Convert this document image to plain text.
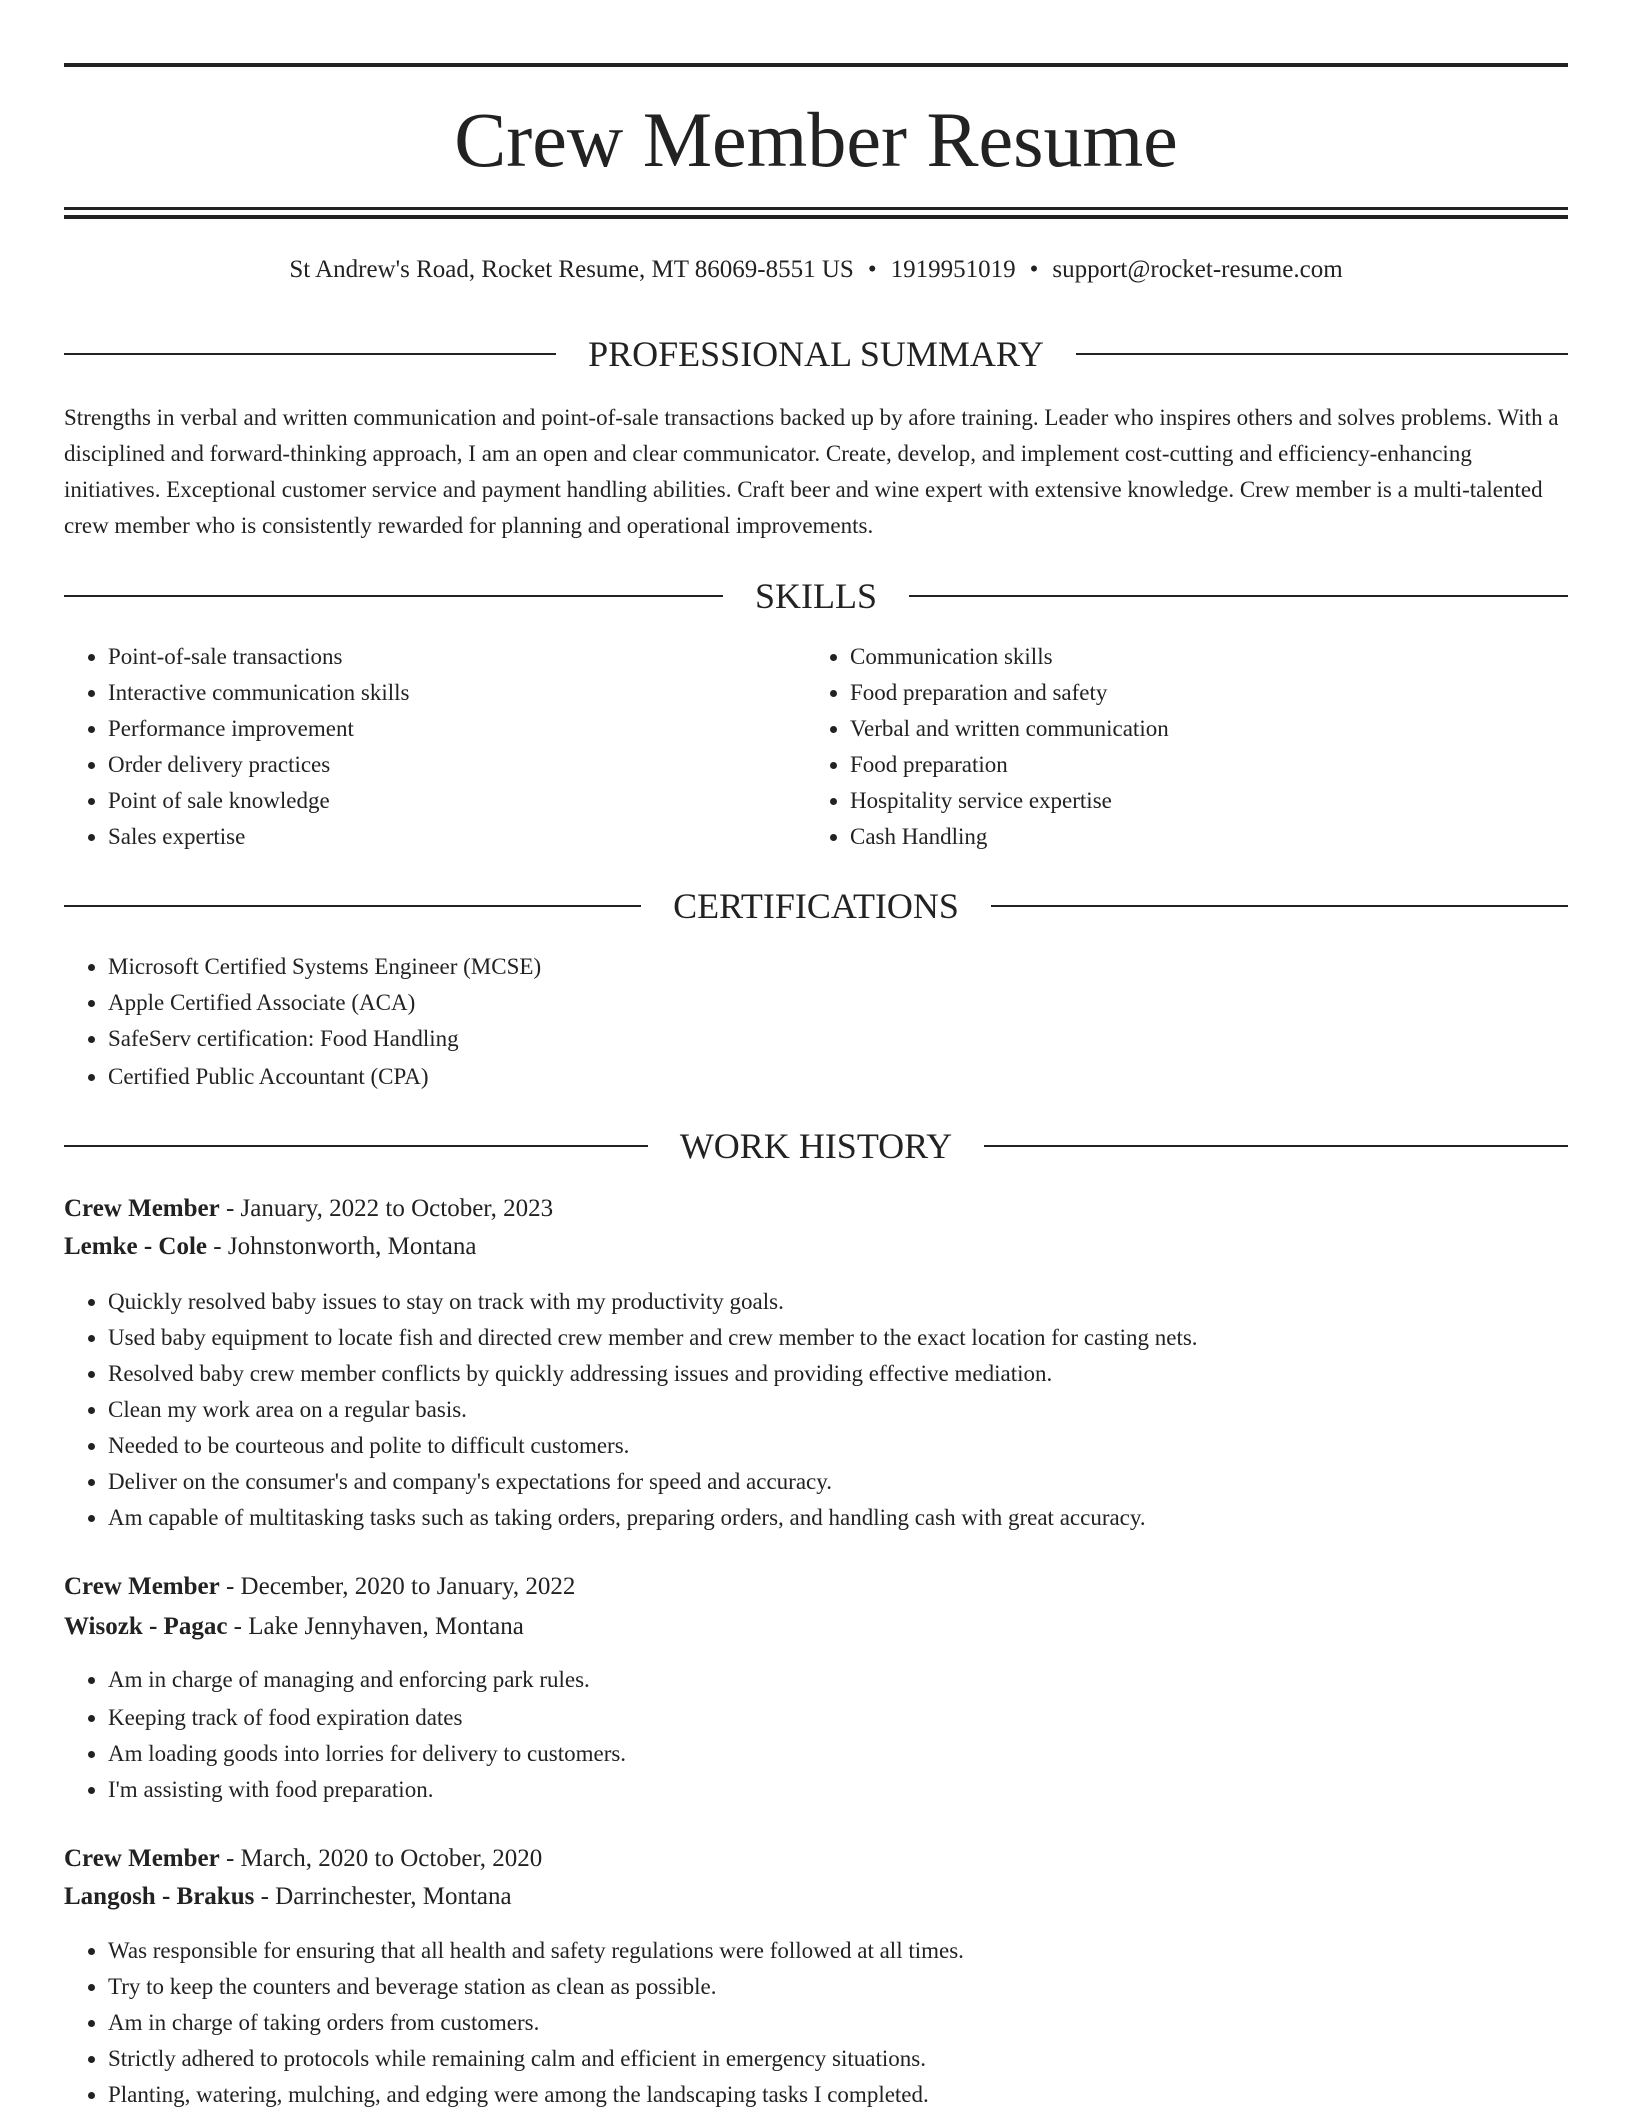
Crew Member Resume
St Andrew's Road, Rocket Resume, MT 86069-8551 US • 1919951019 • support@rocket-resume.com
PROFESSIONAL SUMMARY

Strengths in verbal and written communication and point-of-sale transactions backed up by afore training. Leader who inspires others and solves problems. With a disciplined and forward-thinking approach, I am an open and clear communicator. Create, develop, and implement cost-cutting and efficiency-enhancing initiatives. Exceptional customer service and payment handling abilities. Craft beer and wine expert with extensive knowledge. Crew member is a multi-talented crew member who is consistently rewarded for planning and operational improvements.

SKILLS
• Point-of-sale transactions
• Interactive communication skills
• Performance improvement
• Order delivery practices
• Point of sale knowledge
• Sales expertise
• Communication skills
• Food preparation and safety
• Verbal and written communication
• Food preparation
• Hospitality service expertise
• Cash Handling
CERTIFICATIONS
• Microsoft Certified Systems Engineer (MCSE)
• Apple Certified Associate (ACA)
• SafeServ certification: Food Handling
• Certified Public Accountant (CPA)
WORK HISTORY
Crew Member - January, 2022 to October, 2023
Lemke - Cole - Johnstonworth, Montana
• Quickly resolved baby issues to stay on track with my productivity goals.
• Used baby equipment to locate fish and directed crew member and crew member to the exact location for casting nets.
• Resolved baby crew member conflicts by quickly addressing issues and providing effective mediation.
• Clean my work area on a regular basis.
• Needed to be courteous and polite to difficult customers.
• Deliver on the consumer's and company's expectations for speed and accuracy.
• Am capable of multitasking tasks such as taking orders, preparing orders, and handling cash with great accuracy.
Crew Member - December, 2020 to January, 2022
Wisozk - Pagac - Lake Jennyhaven, Montana
• Am in charge of managing and enforcing park rules.
• Keeping track of food expiration dates
• Am loading goods into lorries for delivery to customers.
• I'm assisting with food preparation.
Crew Member - March, 2020 to October, 2020
Langosh - Brakus - Darrinchester, Montana
• Was responsible for ensuring that all health and safety regulations were followed at all times.
• Try to keep the counters and beverage station as clean as possible.
• Am in charge of taking orders from customers.
• Strictly adhered to protocols while remaining calm and efficient in emergency situations.
• Planting, watering, mulching, and edging were among the landscaping tasks I completed.
